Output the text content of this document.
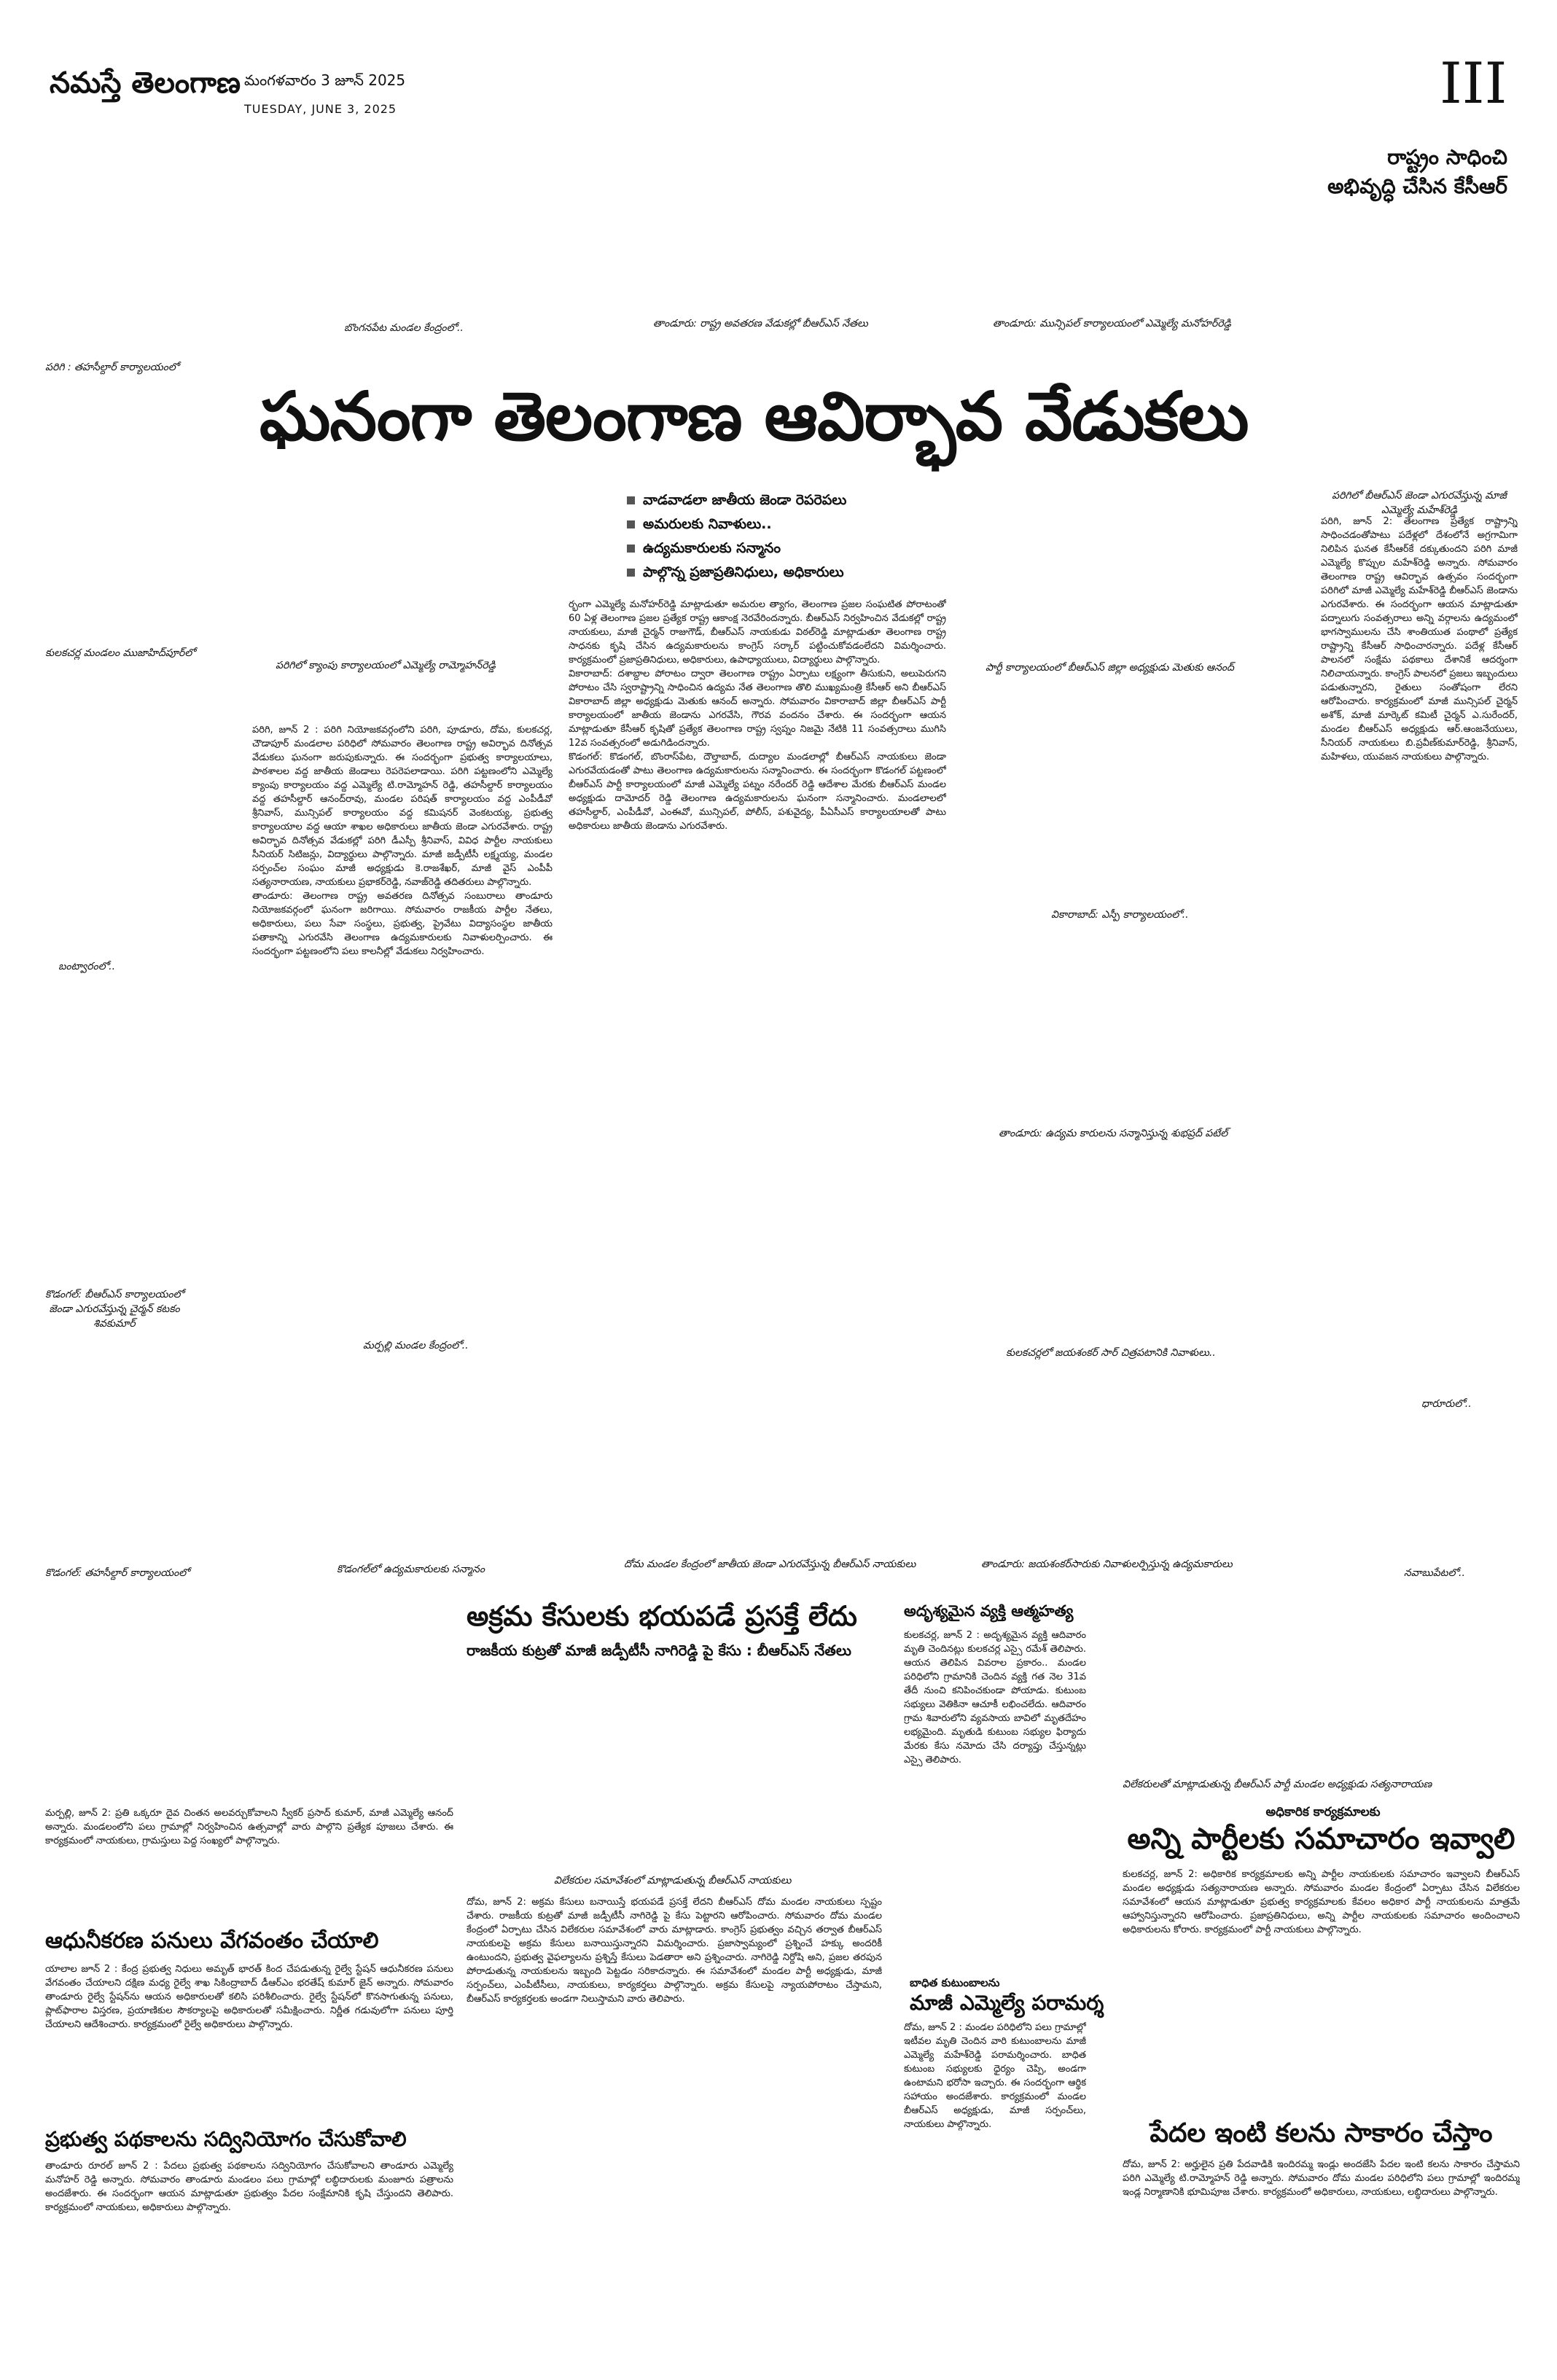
నమస్తే తెలంగాణ మంగళవారం 3 జూన్ 2025
TUESDAY, JUNE 3, 2025	III
రాష్ట్రం సాధించి
అభివృద్ధి చేసిన కేసీఆర్
బొంగనపేట మండల కేంద్రంలో..	తాండూరు: రాష్ట్ర అవతరణ వేడుకల్లో బీఆర్ఎస్ నేతలు	తాండూరు: మున్సిపల్ కార్యాలయంలో ఎమ్మెల్యే మనోహర్‌రెడ్డి
పరిగి : తహసీల్దార్ కార్యాలయంలో
ఘనంగా తెలంగాణ ఆవిర్భావ వేడుకలు
పరిగిలో బీఆర్ఎస్ జెండా ఎగురవేస్తున్న మాజీ ఎమ్మెల్యే మహేశ్‌రెడ్డి
వాడవాడలా జాతీయ జెండా రెపరెపలు
అమరులకు నివాళులు..
ఉద్యమకారులకు సన్మానం
పాల్గొన్న ప్రజాప్రతినిధులు, అధికారులు
కులకచర్ల మండలం ముజాహిద్‌పూర్‌లో
పరిగిలో క్యాంపు కార్యాలయంలో ఎమ్మెల్యే రామ్మోహన్‌రెడ్డి	పార్టీ కార్యాలయంలో బీఆర్ఎస్ జిల్లా అధ్యక్షుడు మెతుకు ఆనంద్
బంట్వారంలో..

పరిగి, జూన్ 2 : పరిగి నియోజకవర్గంలోని పరిగి, పూడూరు, దోమ, కులకచర్ల, చౌడాపూర్ మండలాల పరిధిలో సోమవారం తెలంగాణ రాష్ట్ర అవిర్భావ దినోత్సవ వేడుకలు ఘనంగా జరుపుకున్నారు. ఈ సందర్భంగా ప్రభుత్వ కార్యాలయాలు, పాఠశాలల వద్ద జాతీయ జెండాలు రెపరెపలాడాయి. పరిగి పట్టణంలోని ఎమ్మెల్యే క్యాంపు కార్యాలయం వద్ద ఎమ్మెల్యే టి.రామ్మోహన్ రెడ్డి, తహసీల్దార్ కార్యాలయం వద్ద తహసీల్దార్ ఆనంద్‌రావు, మండల పరిషత్ కార్యాలయం వద్ద ఎంపీడీవో శ్రీనివాస్, మున్సిపల్ కార్యాలయం వద్ద కమిషనర్ వెంకటయ్య, ప్రభుత్వ కార్యాలయాల వద్ద ఆయా శాఖల అధికారులు జాతీయ జెండా ఎగురవేశారు. రాష్ట్ర అవిర్భావ దినోత్సవ వేడుకల్లో పరిగి డీఎస్పీ శ్రీనివాస్, వివిధ పార్టీల నాయకులు సీనియర్ సిటిజన్లు, విద్యార్థులు పాల్గొన్నారు. మాజీ జడ్పీటీసీ లక్ష్మయ్య, మండల సర్పంచ్‌ల సంఘం మాజీ అధ్యక్షుడు కె.రాజశేఖర్, మాజీ వైస్ ఎంపీపీ సత్యనారాయణ, నాయకులు ప్రభాకర్‌రెడ్డి, నవాజ్‌రెడ్డి తదితరులు పాల్గొన్నారు.
తాండూరు: తెలంగాణ రాష్ట్ర అవతరణ దినోత్సవ సంబురాలు తాండూరు నియోజకవర్గంలో ఘనంగా జరిగాయి. సోమవారం రాజకీయ పార్టీల నేతలు, అధికారులు, పలు సేవా సంస్థలు, ప్రభుత్వ, ప్రైవేటు విద్యాసంస్థల జాతీయ పతాకాన్ని ఎగురవేసి తెలంగాణ ఉద్యమకారులకు నివాళులర్పించారు. ఈ సందర్భంగా పట్టణంలోని పలు కాలనీల్లో వేడుకలు నిర్వహించారు.

ర్భంగా ఎమ్మెల్యే మనోహర్‌రెడ్డి మాట్లాడుతూ అమరుల త్యాగం, తెలంగాణ ప్రజల సంఘటిత పోరాటంతో 60 ఏళ్ల తెలంగాణ ప్రజల ప్రత్యేక రాష్ట్ర ఆకాంక్ష నెరవేరిందన్నారు. బీఆర్ఎస్ నిర్వహించిన వేడుకల్లో రాష్ట్ర నాయకులు, మాజీ చైర్మన్ రాజుగౌడ్, బీఆర్ఎస్ నాయకుడు విఠల్‌రెడ్డి మాట్లాడుతూ తెలంగాణ రాష్ట్ర సాధనకు కృషి చేసిన ఉద్యమకారులను కాంగ్రెస్ సర్కార్ పట్టించుకోవడంలేదని విమర్శించారు. కార్యక్రమంలో ప్రజాప్రతినిధులు, అధికారులు, ఉపాధ్యాయులు, విద్యార్థులు పాల్గొన్నారు.
వికారాబాద్: దశాబ్దాల పోరాటం ద్వారా తెలంగాణ రాష్ట్రం ఏర్పాటు లక్ష్యంగా తీసుకుని, అలుపెరుగని పోరాటం చేసి స్వరాష్ట్రాన్ని సాధించిన ఉద్యమ నేత తెలంగాణ తొలి ముఖ్యమంత్రి కేసీఆర్ అని బీఆర్ఎస్ వికారాబాద్ జిల్లా అధ్యక్షుడు మెతుకు ఆనంద్ అన్నారు. సోమవారం వికారాబాద్ జిల్లా బీఆర్ఎస్ పార్టీ కార్యాలయంలో జాతీయ జెండాను ఎగరవేసి, గౌరవ వందనం చేశారు. ఈ సందర్భంగా ఆయన మాట్లాడుతూ కేసీఆర్ కృషితో ప్రత్యేక తెలంగాణ రాష్ట్ర స్వప్నం నిజమై నేటికి 11 సంవత్సరాలు ముగిసి 12వ సంవత్సరంలో అడుగిడిందన్నారు.
కొడంగల్: కొడంగల్, బొంరాస్‌పేట, దౌల్తాబాద్, దుద్యాల మండలాల్లో బీఆర్ఎస్ నాయకులు జెండా ఎగురవేయడంతో పాటు తెలంగాణ ఉద్యమకారులను సన్మానించారు. ఈ సందర్భంగా కొడంగల్ పట్టణంలో బీఆర్ఎస్ పార్టీ కార్యాలయంలో మాజీ ఎమ్మెల్యే పట్నం నరేందర్ రెడ్డి ఆదేశాల మేరకు బీఆర్ఎస్ మండల అధ్యక్షుడు దామోదర్ రెడ్డి తెలంగాణ ఉద్యమకారులను ఘనంగా సన్మానించారు. మండలాలలో తహసీల్దార్, ఎంపీడీవో, ఎంఈవో, మున్సిపల్, పోలీస్, పశువైద్య, పీఏసీఎస్ కార్యాలయాలతో పాటు అధికారులు జాతీయ జెండాను ఎగురవేశారు.

వికారాబాద్: ఎస్పీ కార్యాలయంలో..
తాండూరు: ఉద్యమ కారులను సన్మానిస్తున్న శుభప్రద్ పటేల్

పరిగి, జూన్ 2: తెలంగాణ ప్రత్యేక రాష్ట్రాన్ని సాధించడంతోపాటు పదేళ్లలో దేశంలోనే అగ్రగామిగా నిలిపిన ఘనత కేసీఆర్‌కే దక్కుతుందని పరిగి మాజీ ఎమ్మెల్యే కొప్పుల మహేశ్‌రెడ్డి అన్నారు. సోమవారం తెలంగాణ రాష్ట్ర ఆవిర్భావ ఉత్సవం సందర్భంగా పరిగిలో మాజీ ఎమ్మెల్యే మహేశ్‌రెడ్డి బీఆర్ఎస్ జెండాను ఎగురవేశారు. ఈ సందర్భంగా ఆయన మాట్లాడుతూ పద్నాలుగు సంవత్సరాలు అన్ని వర్గాలను ఉద్యమంలో భాగస్వాములను చేసి శాంతియుత పంథాలో ప్రత్యేక రాష్ట్రాన్ని కేసీఆర్ సాధించారన్నారు. పదేళ్ల కేసీఆర్ పాలనలో సంక్షేమ పథకాలు దేశానికే ఆదర్శంగా నిలిచాయన్నారు. కాంగ్రెస్ పాలనలో ప్రజలు ఇబ్బందులు పడుతున్నారని, రైతులు సంతోషంగా లేరని ఆరోపించారు. కార్యక్రమంలో మాజీ మున్సిపల్ చైర్మన్ అశోక్, మాజీ మార్కెట్ కమిటీ చైర్మన్ ఎ.సురేందర్, మండల బీఆర్ఎస్ అధ్యక్షుడు ఆర్.ఆంజనేయులు, సీనియర్ నాయకులు బి.ప్రవీణ్‌కుమార్‌రెడ్డి, శ్రీనివాస్, మహిళలు, యువజన నాయకులు పాల్గొన్నారు.

కొడంగల్: బీఆర్ఎస్ కార్యాలయంలో జెండా ఎగురవేస్తున్న చైర్మన్ కటకం శివకుమార్
మర్పల్లి మండల కేంద్రంలో..
కులకచర్లలో జయశంకర్ సార్ చిత్రపటానికి నివాళులు..
ధారూరులో..
కొడంగల్: తహసీల్దార్ కార్యాలయంలో	కొడంగల్‌లో ఉద్యమకారులకు సన్మానం	దోమ మండల కేంద్రంలో జాతీయ జెండా ఎగురవేస్తున్న బీఆర్ఎస్ నాయకులు	తాండూరు: జయశంకర్‌సారుకు నివాళులర్పిస్తున్న ఉద్యమకారులు
నవాబుపేటలో..
అక్రమ కేసులకు భయపడే ప్రసక్తే లేదు
రాజకీయ కుట్రతో మాజీ జడ్పీటీసీ నాగిరెడ్డి పై కేసు : బీఆర్ఎస్ నేతలు
అదృశ్యమైన వ్యక్తి ఆత్మహత్య

కులకచర్ల, జూన్ 2 : అదృశ్యమైన వ్యక్తి ఆదివారం మృతి చెందినట్లు కులకచర్ల ఎస్సై రమేశ్ తెలిపారు. ఆయన తెలిపిన వివరాల ప్రకారం.. మండల పరిధిలోని గ్రామానికి చెందిన వ్యక్తి గత నెల 31వ తేదీ నుంచి కనిపించకుండా పోయాడు. కుటుంబ సభ్యులు వెతికినా ఆచూకీ లభించలేదు. ఆదివారం గ్రామ శివారులోని వ్యవసాయ బావిలో మృతదేహం లభ్యమైంది. మృతుడి కుటుంబ సభ్యుల ఫిర్యాదు మేరకు కేసు నమోదు చేసి దర్యాప్తు చేస్తున్నట్లు ఎస్సై తెలిపారు.

మర్పల్లి, జూన్ 2: ప్రతి ఒక్కరూ దైవ చింతన అలవర్చుకోవాలని స్వీకర్ ప్రసాద్ కుమార్, మాజీ ఎమ్మెల్యే ఆనంద్ అన్నారు. మండలంలోని పలు గ్రామాల్లో నిర్వహించిన ఉత్సవాల్లో వారు పాల్గొని ప్రత్యేక పూజలు చేశారు. ఈ కార్యక్రమంలో నాయకులు, గ్రామస్తులు పెద్ద సంఖ్యలో పాల్గొన్నారు.

విలేకరుల సమావేశంలో మాట్లాడుతున్న బీఆర్ఎస్ నాయకులు
విలేకరులతో మాట్లాడుతున్న బీఆర్ఎస్ పార్టీ మండల అధ్యక్షుడు సత్యనారాయణ
ఆధునీకరణ పనులు వేగవంతం చేయాలి

యాలాల జూన్ 2 : కేంద్ర ప్రభుత్వ నిధులు అమృత్ భారత్ కింద చేపడుతున్న రైల్వే స్టేషన్ ఆధునీకరణ పనులు వేగవంతం చేయాలని దక్షిణ మధ్య రైల్వే శాఖ సికింద్రాబాద్ డీఆర్ఎం భరతేష్ కుమార్ జైన్ అన్నారు. సోమవారం తాండూరు రైల్వే స్టేషన్‌ను ఆయన అధికారులతో కలిసి పరిశీలించారు. రైల్వే స్టేషన్‌లో కొనసాగుతున్న పనులు, ప్లాట్‌ఫారాల విస్తరణ, ప్రయాణికుల సౌకర్యాలపై అధికారులతో సమీక్షించారు. నిర్ణీత గడువులోగా పనులు పూర్తి చేయాలని ఆదేశించారు. కార్యక్రమంలో రైల్వే అధికారులు పాల్గొన్నారు.

ప్రభుత్వ పథకాలను సద్వినియోగం చేసుకోవాలి

తాండూరు రూరల్ జూన్ 2 : పేదలు ప్రభుత్వ పథకాలను సద్వినియోగం చేసుకోవాలని తాండూరు ఎమ్మెల్యే మనోహర్ రెడ్డి అన్నారు. సోమవారం తాండూరు మండలం పలు గ్రామాల్లో లబ్ధిదారులకు మంజూరు పత్రాలను అందజేశారు. ఈ సందర్భంగా ఆయన మాట్లాడుతూ ప్రభుత్వం పేదల సంక్షేమానికి కృషి చేస్తుందని తెలిపారు. కార్యక్రమంలో నాయకులు, అధికారులు పాల్గొన్నారు.

దోమ, జూన్ 2: అక్రమ కేసులు బనాయిస్తే భయపడే ప్రసక్తే లేదని బీఆర్ఎస్ దోమ మండల నాయకులు స్పష్టం చేశారు. రాజకీయ కుట్రతో మాజీ జడ్పీటీసీ నాగిరెడ్డి పై కేసు పెట్టారని ఆరోపించారు. సోమవారం దోమ మండల కేంద్రంలో ఏర్పాటు చేసిన విలేకరుల సమావేశంలో వారు మాట్లాడారు. కాంగ్రెస్ ప్రభుత్వం వచ్చిన తర్వాత బీఆర్ఎస్ నాయకులపై అక్రమ కేసులు బనాయిస్తున్నారని విమర్శించారు. ప్రజాస్వామ్యంలో ప్రశ్నించే హక్కు అందరికీ ఉంటుందని, ప్రభుత్వ వైఫల్యాలను ప్రశ్నిస్తే కేసులు పెడతారా అని ప్రశ్నించారు. నాగిరెడ్డి నిర్దోషి అని, ప్రజల తరపున పోరాడుతున్న నాయకులను ఇబ్బంది పెట్టడం సరికాదన్నారు. ఈ సమావేశంలో మండల పార్టీ అధ్యక్షుడు, మాజీ సర్పంచ్‌లు, ఎంపీటీసీలు, నాయకులు, కార్యకర్తలు పాల్గొన్నారు. అక్రమ కేసులపై న్యాయపోరాటం చేస్తామని, బీఆర్ఎస్ కార్యకర్తలకు అండగా నిలుస్తామని వారు తెలిపారు.

బాధిత కుటుంబాలను
మాజీ ఎమ్మెల్యే పరామర్శ

దోమ, జూన్ 2 : మండల పరిధిలోని పలు గ్రామాల్లో ఇటీవల మృతి చెందిన వారి కుటుంబాలను మాజీ ఎమ్మెల్యే మహేశ్‌రెడ్డి పరామర్శించారు. బాధిత కుటుంబ సభ్యులకు ధైర్యం చెప్పి, అండగా ఉంటామని భరోసా ఇచ్చారు. ఈ సందర్భంగా ఆర్థిక సహాయం అందజేశారు. కార్యక్రమంలో మండల బీఆర్ఎస్ అధ్యక్షుడు, మాజీ సర్పంచ్‌లు, నాయకులు పాల్గొన్నారు.

అధికారిక కార్యక్రమాలకు
అన్ని పార్టీలకు సమాచారం ఇవ్వాలి

కులకచర్ల, జూన్ 2: అధికారిక కార్యక్రమాలకు అన్ని పార్టీల నాయకులకు సమాచారం ఇవ్వాలని బీఆర్ఎస్ మండల అధ్యక్షుడు సత్యనారాయణ అన్నారు. సోమవారం మండల కేంద్రంలో ఏర్పాటు చేసిన విలేకరుల సమావేశంలో ఆయన మాట్లాడుతూ ప్రభుత్వ కార్యక్రమాలకు కేవలం అధికార పార్టీ నాయకులను మాత్రమే ఆహ్వానిస్తున్నారని ఆరోపించారు. ప్రజాప్రతినిధులు, అన్ని పార్టీల నాయకులకు సమాచారం అందించాలని అధికారులను కోరారు. కార్యక్రమంలో పార్టీ నాయకులు పాల్గొన్నారు.

పేదల ఇంటి కలను సాకారం చేస్తాం

దోమ, జూన్ 2: అర్హులైన ప్రతి పేదవాడికి ఇందిరమ్మ ఇండ్లు అందజేసి పేదల ఇంటి కలను సాకారం చేస్తామని పరిగి ఎమ్మెల్యే టి.రామ్మోహన్ రెడ్డి అన్నారు. సోమవారం దోమ మండల పరిధిలోని పలు గ్రామాల్లో ఇందిరమ్మ ఇండ్ల నిర్మాణానికి భూమిపూజ చేశారు. కార్యక్రమంలో అధికారులు, నాయకులు, లబ్ధిదారులు పాల్గొన్నారు.
